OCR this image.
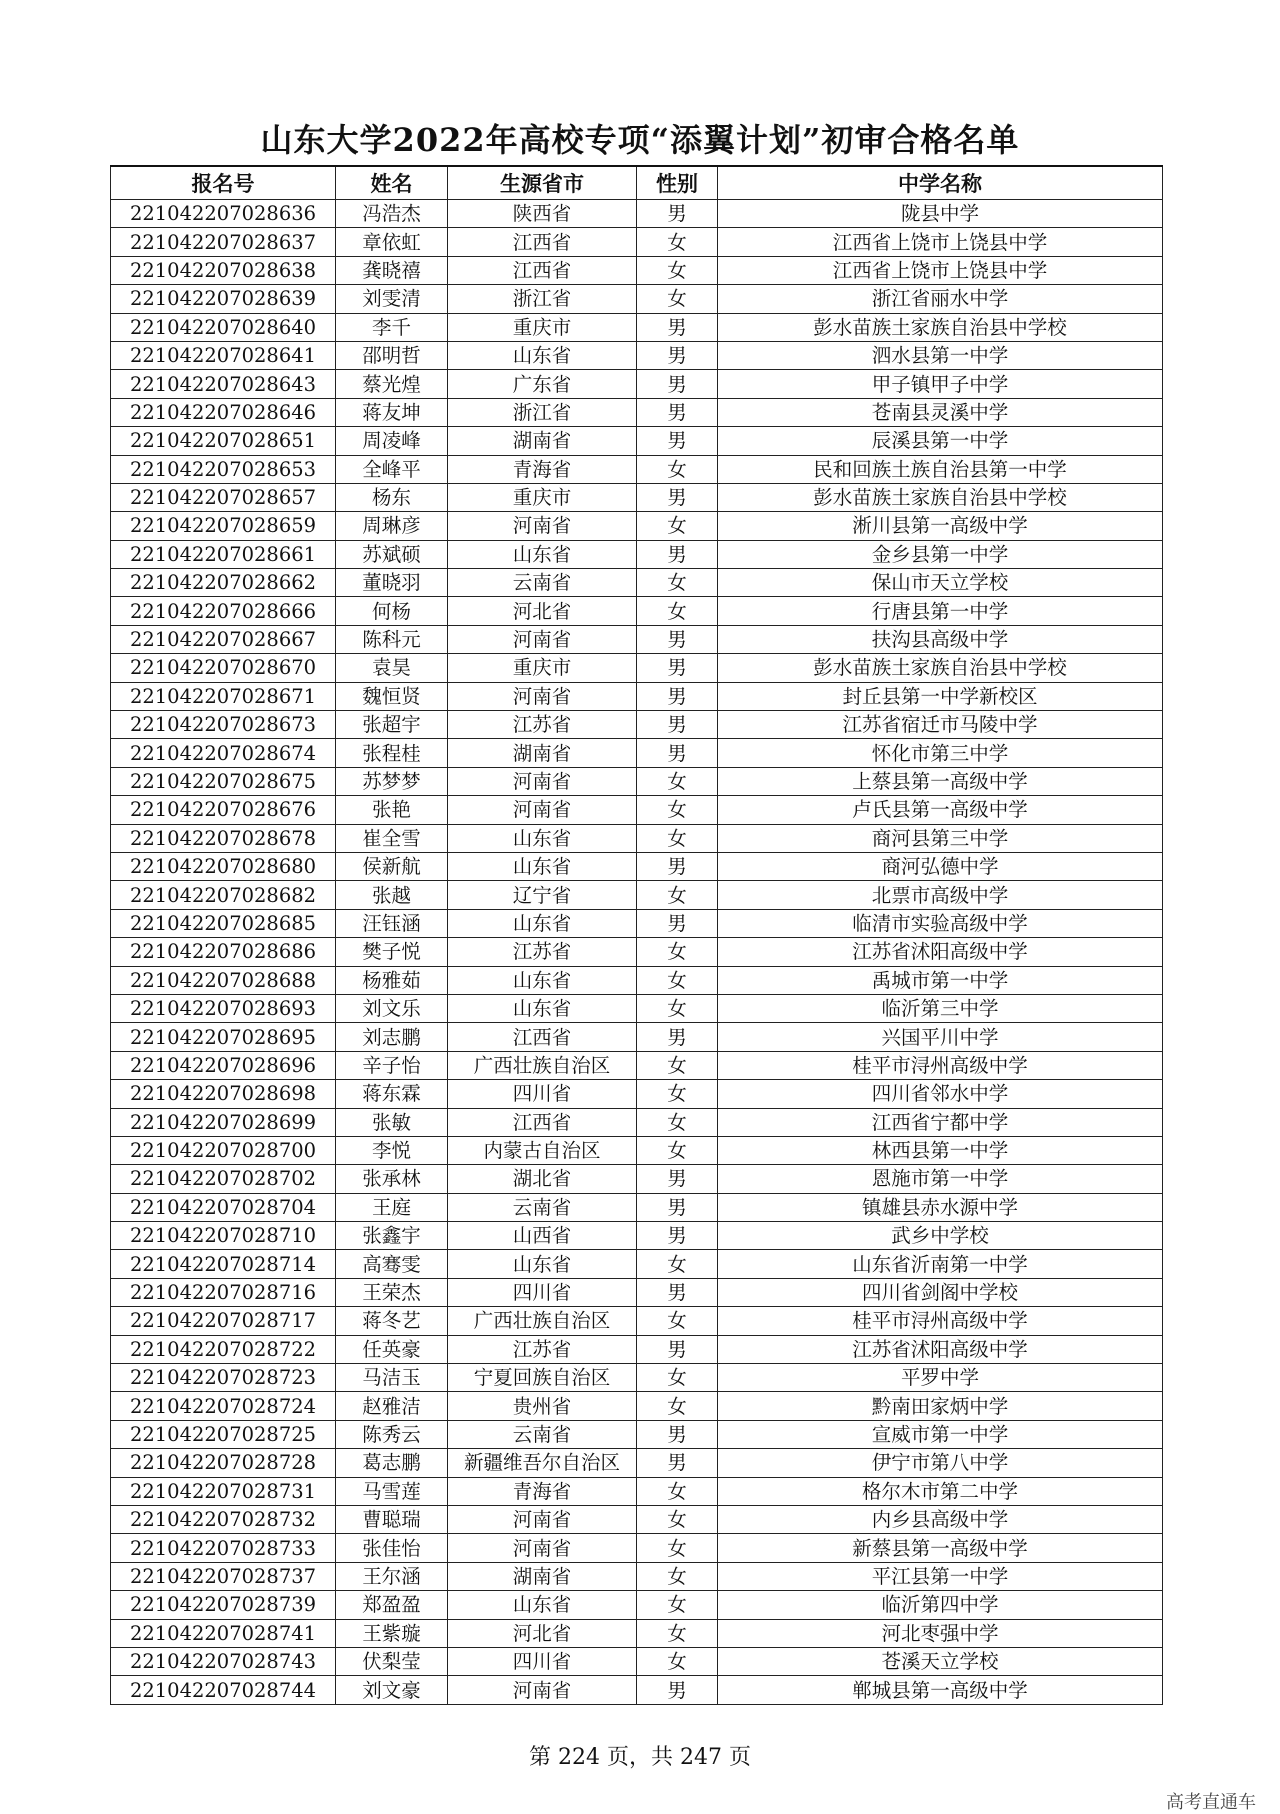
山东大学2022年高校专项“添翼计划”初审合格名单
报名号	姓名	生源省市	性别	中学名称
221042207028636	冯浩杰	陕西省	男	陇县中学
221042207028637	章依虹	江西省	女	江西省上饶市上饶县中学
221042207028638	龚晓禧	江西省	女	江西省上饶市上饶县中学
221042207028639	刘雯清	浙江省	女	浙江省丽水中学
221042207028640	李千	重庆市	男	彭水苗族土家族自治县中学校
221042207028641	邵明哲	山东省	男	泗水县第一中学
221042207028643	蔡光煌	广东省	男	甲子镇甲子中学
221042207028646	蒋友坤	浙江省	男	苍南县灵溪中学
221042207028651	周凌峰	湖南省	男	辰溪县第一中学
221042207028653	全峰平	青海省	女	民和回族土族自治县第一中学
221042207028657	杨东	重庆市	男	彭水苗族土家族自治县中学校
221042207028659	周琳彦	河南省	女	淅川县第一高级中学
221042207028661	苏斌硕	山东省	男	金乡县第一中学
221042207028662	董晓羽	云南省	女	保山市天立学校
221042207028666	何杨	河北省	女	行唐县第一中学
221042207028667	陈科元	河南省	男	扶沟县高级中学
221042207028670	袁昊	重庆市	男	彭水苗族土家族自治县中学校
221042207028671	魏恒贤	河南省	男	封丘县第一中学新校区
221042207028673	张超宇	江苏省	男	江苏省宿迁市马陵中学
221042207028674	张程桂	湖南省	男	怀化市第三中学
221042207028675	苏梦梦	河南省	女	上蔡县第一高级中学
221042207028676	张艳	河南省	女	卢氏县第一高级中学
221042207028678	崔全雪	山东省	女	商河县第三中学
221042207028680	侯新航	山东省	男	商河弘德中学
221042207028682	张越	辽宁省	女	北票市高级中学
221042207028685	汪钰涵	山东省	男	临清市实验高级中学
221042207028686	樊子悦	江苏省	女	江苏省沭阳高级中学
221042207028688	杨雅茹	山东省	女	禹城市第一中学
221042207028693	刘文乐	山东省	女	临沂第三中学
221042207028695	刘志鹏	江西省	男	兴国平川中学
221042207028696	辛子怡	广西壮族自治区	女	桂平市浔州高级中学
221042207028698	蒋东霖	四川省	女	四川省邻水中学
221042207028699	张敏	江西省	女	江西省宁都中学
221042207028700	李悦	内蒙古自治区	女	林西县第一中学
221042207028702	张承林	湖北省	男	恩施市第一中学
221042207028704	王庭	云南省	男	镇雄县赤水源中学
221042207028710	张鑫宇	山西省	男	武乡中学校
221042207028714	高骞雯	山东省	女	山东省沂南第一中学
221042207028716	王荣杰	四川省	男	四川省剑阁中学校
221042207028717	蒋冬艺	广西壮族自治区	女	桂平市浔州高级中学
221042207028722	任英豪	江苏省	男	江苏省沭阳高级中学
221042207028723	马洁玉	宁夏回族自治区	女	平罗中学
221042207028724	赵雅洁	贵州省	女	黔南田家炳中学
221042207028725	陈秀云	云南省	男	宣威市第一中学
221042207028728	葛志鹏	新疆维吾尔自治区	男	伊宁市第八中学
221042207028731	马雪莲	青海省	女	格尔木市第二中学
221042207028732	曹聪瑞	河南省	女	内乡县高级中学
221042207028733	张佳怡	河南省	女	新蔡县第一高级中学
221042207028737	王尔涵	湖南省	女	平江县第一中学
221042207028739	郑盈盈	山东省	女	临沂第四中学
221042207028741	王紫璇	河北省	女	河北枣强中学
221042207028743	伏梨莹	四川省	女	苍溪天立学校
221042207028744	刘文豪	河南省	男	郸城县第一高级中学
第 224 页，共 247 页
高考直通车
